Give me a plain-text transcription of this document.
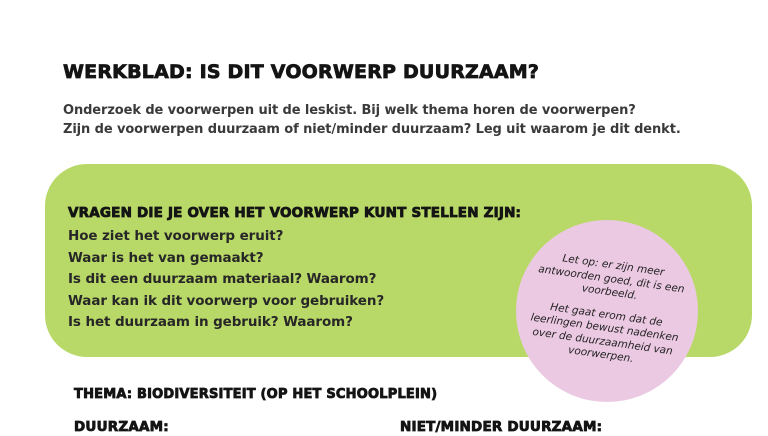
WERKBLAD: IS DIT VOORWERP DUURZAAM?

Onderzoek de voorwerpen uit de leskist. Bij welk thema horen de voorwerpen?

Zijn de voorwerpen duurzaam of niet/minder duurzaam? Leg uit waarom je dit denkt.

VRAGEN DIE JE OVER HET VOORWERP KUNT STELLEN ZIJN:
Hoe ziet het voorwerp eruit?
Waar is het van gemaakt?
Is dit een duurzaam materiaal? Waarom?
Waar kan ik dit voorwerp voor gebruiken?
Is het duurzaam in gebruik? Waarom?

Let op: er zijn meer antwoorden goed, dit is een voorbeeld.

Het gaat erom dat de leerlingen bewust nadenken over de duurzaamheid van voorwerpen.

THEMA: BIODIVERSITEIT (OP HET SCHOOLPLEIN)
DUURZAAM:	NIET/MINDER DUURZAAM:
